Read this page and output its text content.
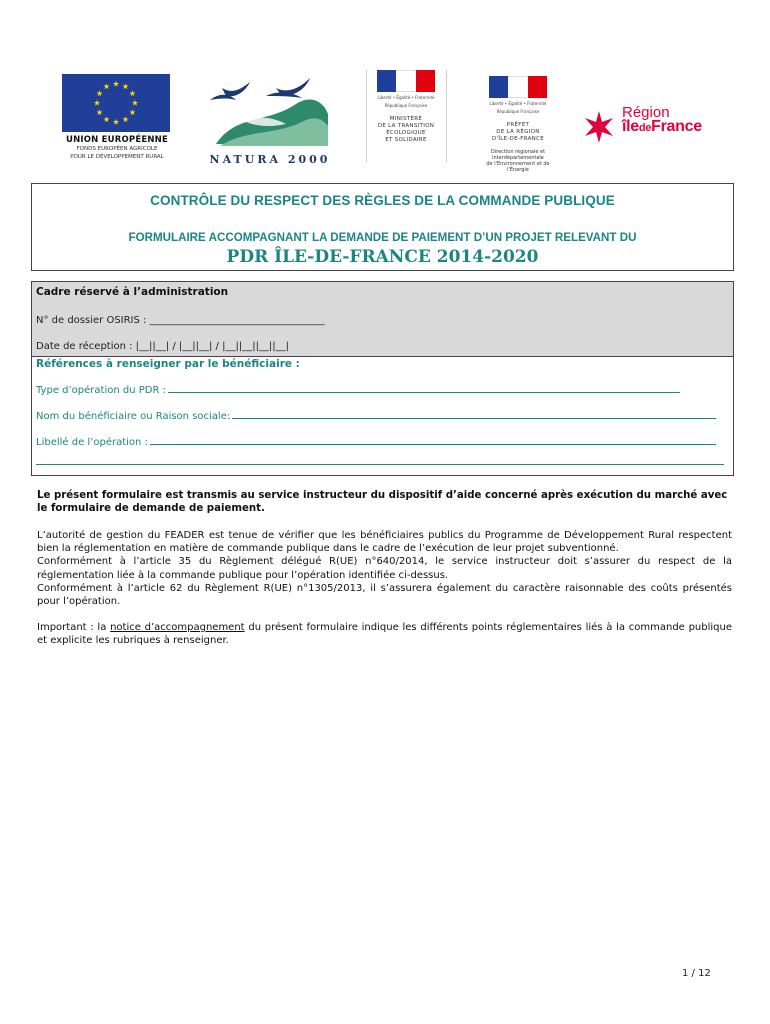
UNION EUROPÉENNE
FONDS EUROPÉEN AGRICOLE
POUR LE DÉVELOPPEMENT RURAL	NATURA 2000
Liberté • Égalité • Fraternité
République Française
MINISTÈRE
DE LA TRANSITION
ÉCOLOGIQUE
ET SOLIDAIRE
Liberté • Égalité • Fraternité
République Française
PRÉFET
DE LA RÉGION
D'ÎLE-DE-FRANCE
Direction régionale et interdépartementale
de l'Environnement et de l'Énergie
Région
îledeFrance
CONTRÔLE DU RESPECT DES RÈGLES DE LA COMMANDE PUBLIQUE
FORMULAIRE ACCOMPAGNANT LA DEMANDE DE PAIEMENT D’UN PROJET RELEVANT DU
PDR ÎLE-DE-FRANCE 2014-2020
Cadre réservé à l’administration
N° de dossier OSIRIS : ___________________________________
Date de réception : |__||__| / |__||__| / |__||__||__||__|
Références à renseigner par le bénéficiaire :
Type d’opération du PDR :
Nom du bénéficiaire ou Raison sociale:
Libellé de l’opération :
Le présent formulaire est transmis au service instructeur du dispositif d’aide concerné après exécution du marché avec le formulaire de demande de paiement.
L’autorité de gestion du FEADER est tenue de vérifier que les bénéficiaires publics du Programme de Développement Rural respectent bien la réglementation en matière de commande publique dans le cadre de l’exécution de leur projet subventionné.
Conformément à l’article 35 du Règlement délégué R(UE) n°640/2014, le service instructeur doit s’assurer du respect de la réglementation liée à la commande publique pour l’opération identifiée ci-dessus.
Conformément à l’article 62 du Règlement R(UE) n°1305/2013, il s’assurera également du caractère raisonnable des coûts présentés pour l’opération.
Important : la notice d’accompagnement du présent formulaire indique les différents points réglementaires liés à la commande publique et explicite les rubriques à renseigner.
1 / 12
